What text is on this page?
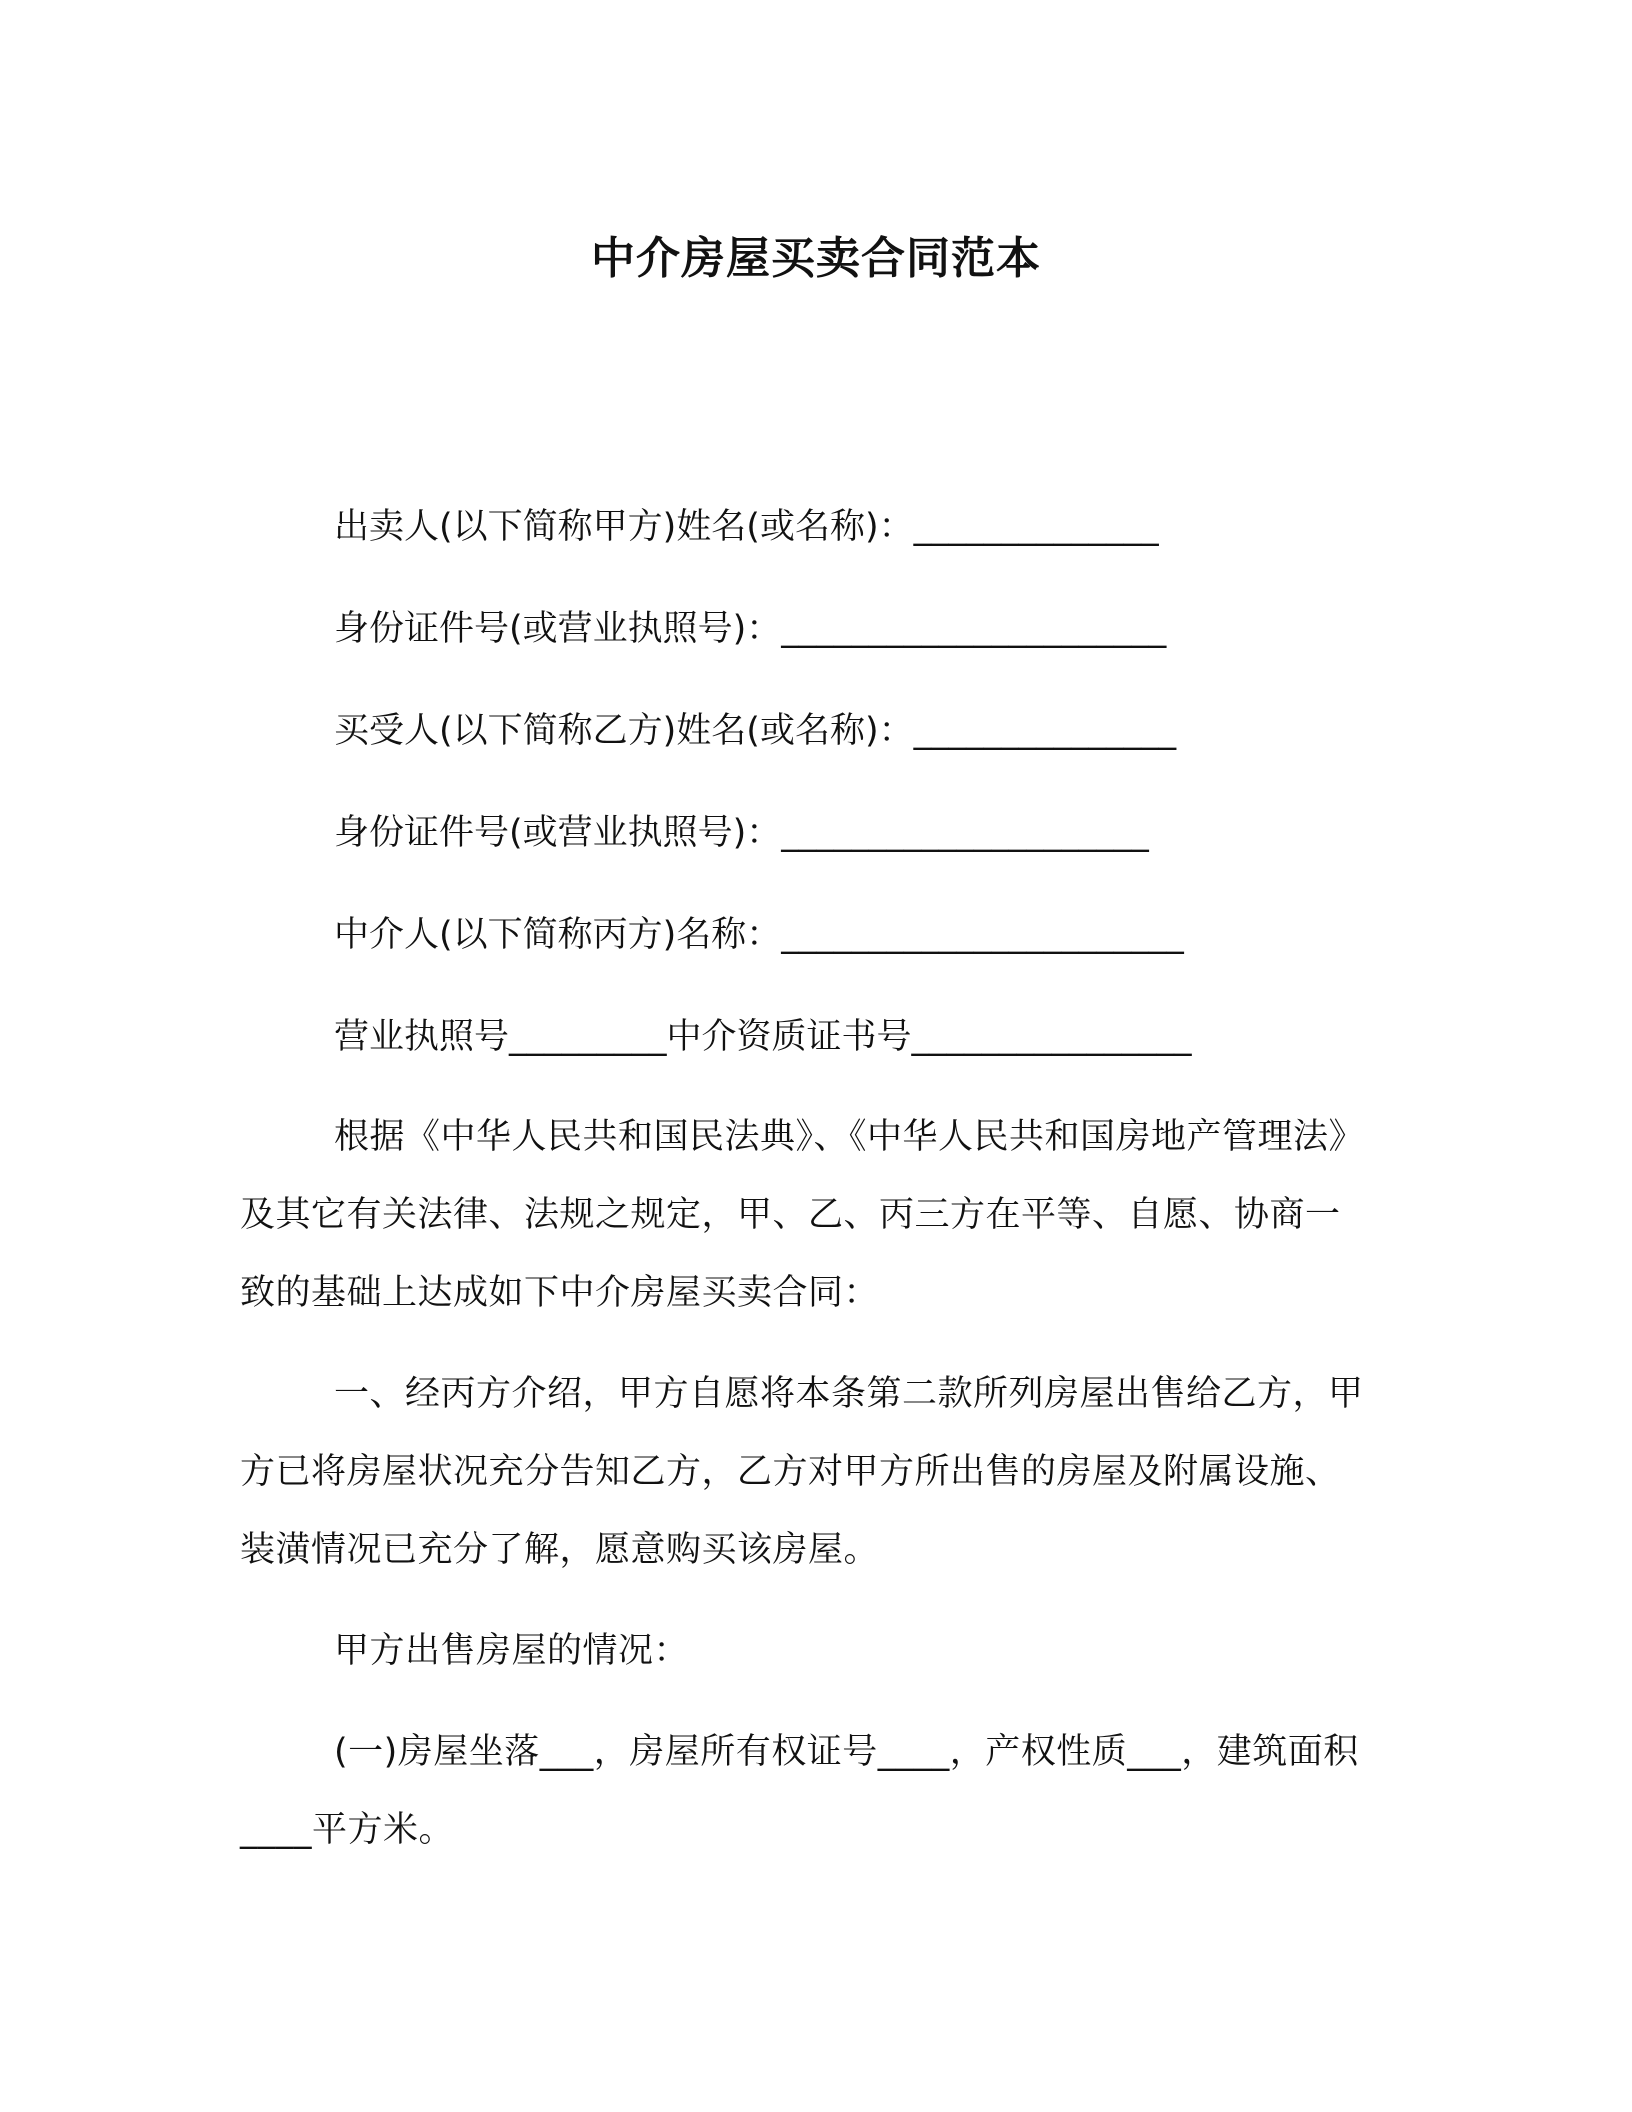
中介房屋买卖合同范本

出卖人(以下简称甲方)姓名(或名称)：______________

身份证件号(或营业执照号)：______________________

买受人(以下简称乙方)姓名(或名称)：_______________

身份证件号(或营业执照号)：_____________________

中介人(以下简称丙方)名称：_______________________

营业执照号_________中介资质证书号________________

根据《中华人民共和国民法典》、《中华人民共和国房地产管理法》及其它有关法律、法规之规定，甲、乙、丙三方在平等、自愿、协商一致的基础上达成如下中介房屋买卖合同：

一、经丙方介绍，甲方自愿将本条第二款所列房屋出售给乙方，甲方已将房屋状况充分告知乙方，乙方对甲方所出售的房屋及附属设施、装潢情况已充分了解，愿意购买该房屋。

甲方出售房屋的情况：

(一)房屋坐落___，房屋所有权证号____，产权性质___，建筑面积____平方米。
